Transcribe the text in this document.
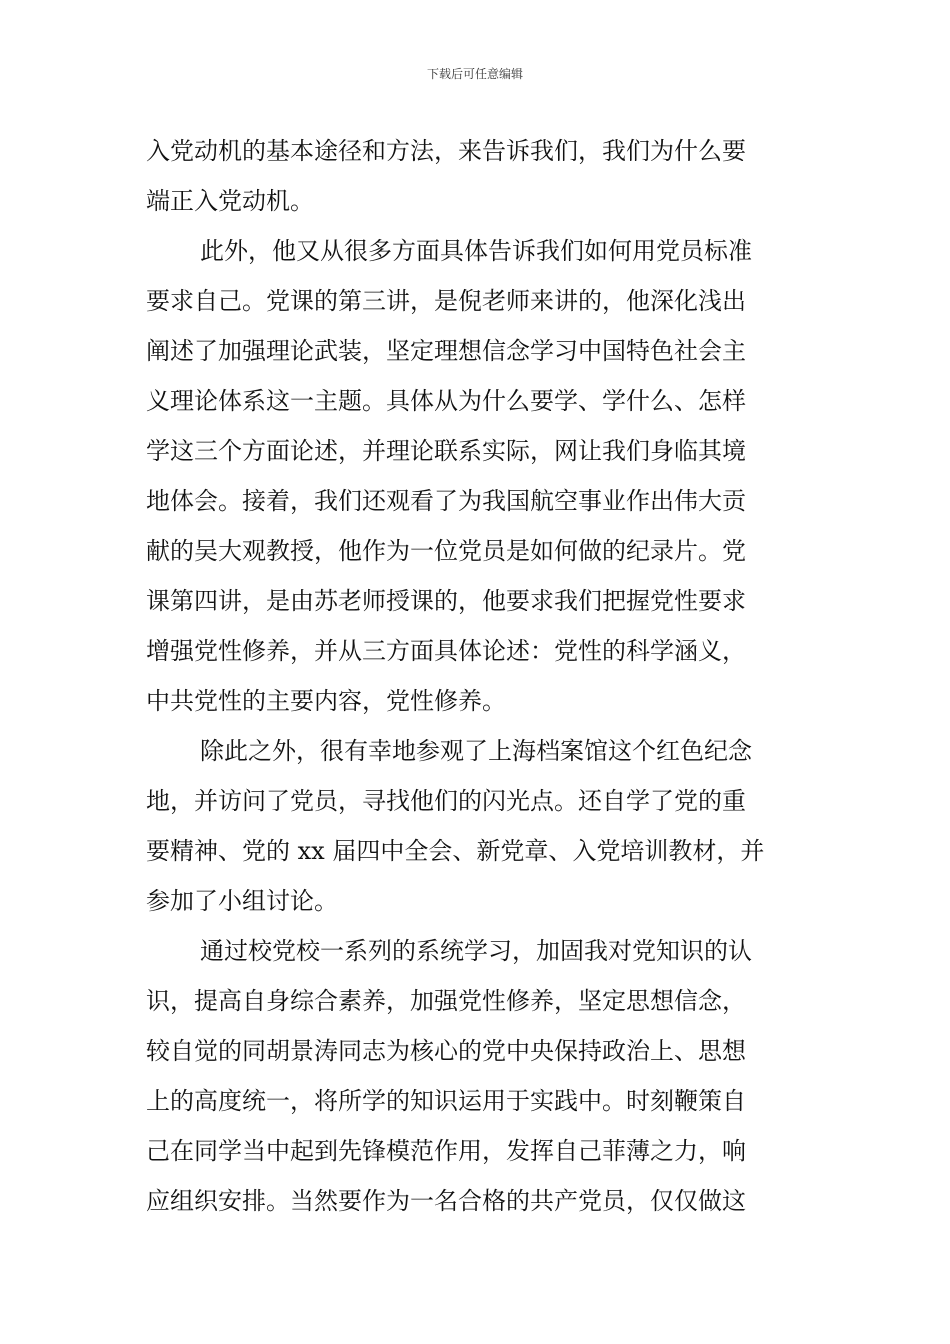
下载后可任意编辑
入党动机的基本途径和方法，来告诉我们，我们为什么要
端正入党动机。
此外，他又从很多方面具体告诉我们如何用党员标准
要求自己。党课的第三讲，是倪老师来讲的，他深化浅出
阐述了加强理论武装，坚定理想信念学习中国特色社会主
义理论体系这一主题。具体从为什么要学、学什么、怎样
学这三个方面论述，并理论联系实际，网让我们身临其境
地体会。接着，我们还观看了为我国航空事业作出伟大贡
献的吴大观教授，他作为一位党员是如何做的纪录片。党
课第四讲，是由苏老师授课的，他要求我们把握党性要求
增强党性修养，并从三方面具体论述：党性的科学涵义，
中共党性的主要内容，党性修养。
除此之外，很有幸地参观了上海档案馆这个红色纪念
地，并访问了党员，寻找他们的闪光点。还自学了党的重
要精神、党的 xx 届四中全会、新党章、入党培训教材，并
参加了小组讨论。
通过校党校一系列的系统学习，加固我对党知识的认
识，提高自身综合素养，加强党性修养，坚定思想信念，
较自觉的同胡景涛同志为核心的党中央保持政治上、思想
上的高度统一，将所学的知识运用于实践中。时刻鞭策自
己在同学当中起到先锋模范作用，发挥自己菲薄之力，响
应组织安排。当然要作为一名合格的共产党员，仅仅做这
